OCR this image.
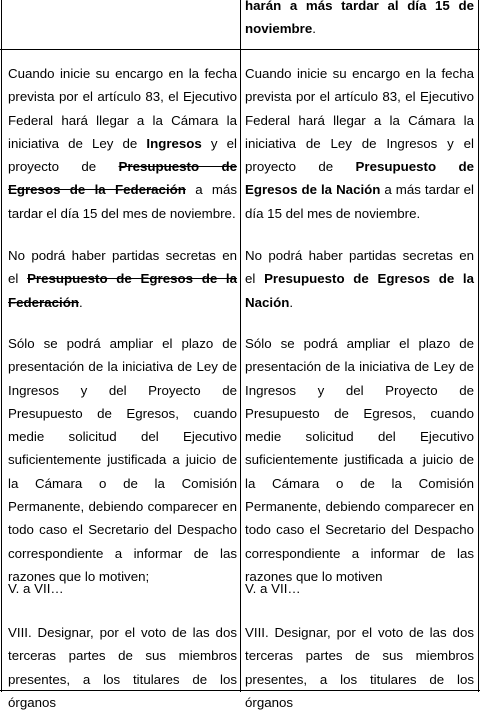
Cuando inicie su encargo en la fecha prevista por el artículo 83, el Ejecutivo Federal hará llegar a la Cámara la iniciativa de Ley de Ingresos y el proyecto de Presupuesto de Egresos de la Federación a más tardar el día 15 del mes de noviembre.

No podrá haber partidas secretas en el Presupuesto de Egresos de la Federación.

Sólo se podrá ampliar el plazo de presentación de la iniciativa de Ley de Ingresos y del Proyecto de Presupuesto de Egresos, cuando medie solicitud del Ejecutivo suficientemente justificada a juicio de la Cámara o de la Comisión Permanente, debiendo comparecer en todo caso el Secretario del Despacho correspondiente a informar de las razones que lo motiven;

V. a VII…

VIII. Designar, por el voto de las dos terceras partes de sus miembros presentes, a los titulares de los órganos

harán a más tardar al día 15 de noviembre.

Cuando inicie su encargo en la fecha prevista por el artículo 83, el Ejecutivo Federal hará llegar a la Cámara la iniciativa de Ley de Ingresos y el proyecto de Presupuesto de Egresos de la Nación a más tardar el día 15 del mes de noviembre.

No podrá haber partidas secretas en el Presupuesto de Egresos de la Nación.

Sólo se podrá ampliar el plazo de presentación de la iniciativa de Ley de Ingresos y del Proyecto de Presupuesto de Egresos, cuando medie solicitud del Ejecutivo suficientemente justificada a juicio de la Cámara o de la Comisión Permanente, debiendo comparecer en todo caso el Secretario del Despacho correspondiente a informar de las razones que lo motiven

V. a VII…

VIII. Designar, por el voto de las dos terceras partes de sus miembros presentes, a los titulares de los órganos
